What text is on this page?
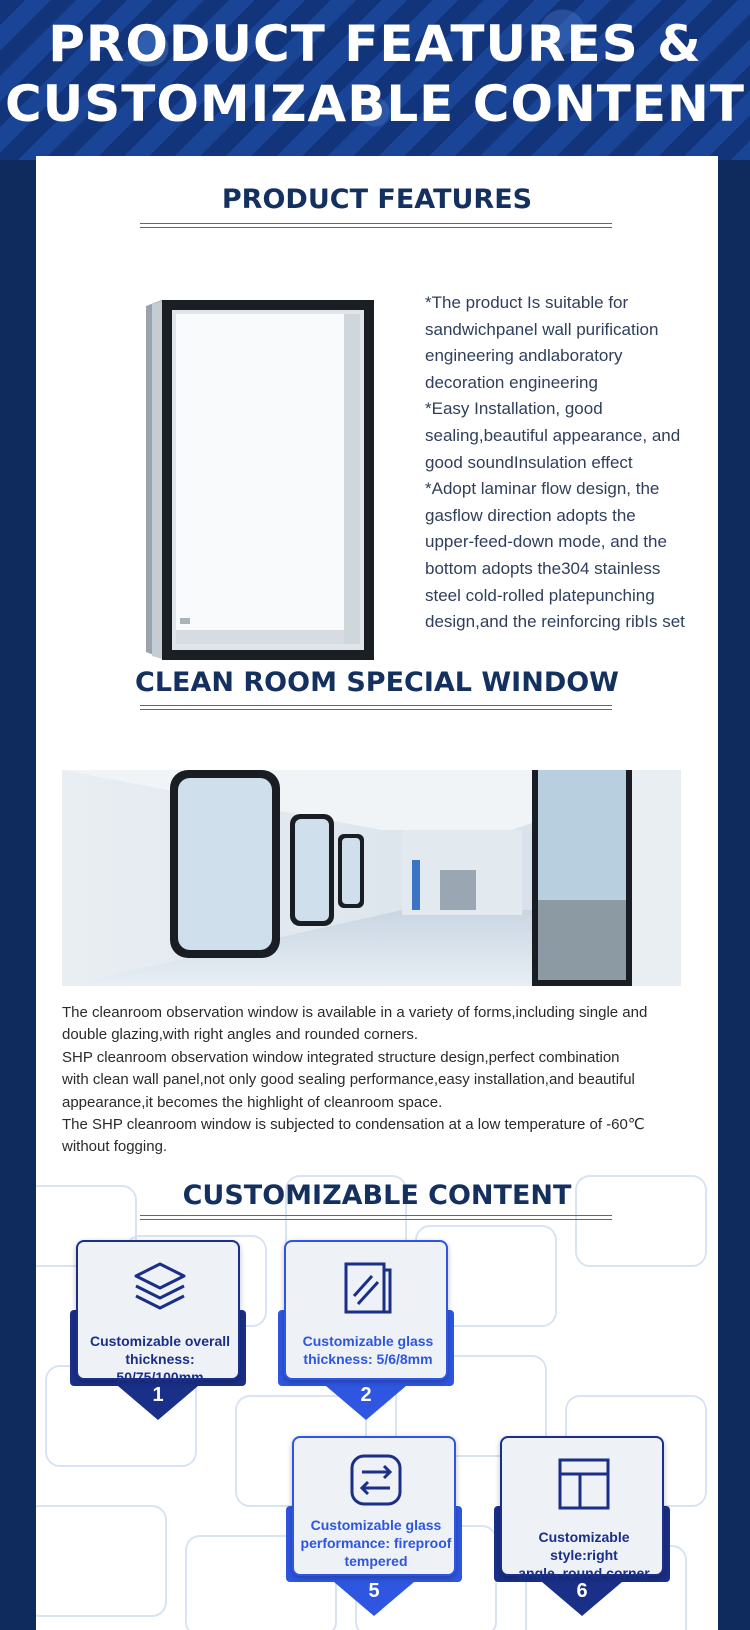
PRODUCT FEATURES &
CUSTOMIZABLE CONTENT
PRODUCT FEATURES

*The product Is suitable for

sandwichpanel wall purification

engineering andlaboratory

decoration engineering

*Easy Installation, good

sealing,beautiful appearance, and

good soundInsulation effect

*Adopt laminar flow design, the

gasflow direction adopts the

upper-feed-down mode, and the

bottom adopts the304 stainless

steel cold-rolled platepunching

design,and the reinforcing ribIs set

CLEAN ROOM SPECIAL WINDOW

The cleanroom observation window is available in a variety of forms,including single and

double glazing,with right angles and rounded corners.

SHP cleanroom observation window integrated structure design,perfect combination

with clean wall panel,not only good sealing performance,easy installation,and beautiful

appearance,it becomes the highlight of cleanroom space.

The SHP cleanroom window is subjected to condensation at a low temperature of -60℃

without fogging.

CUSTOMIZABLE CONTENT
Customizable overall
thickness: 50/75/100mm
1
Customizable glass
thickness: 5/6/8mm
2
Customizable glass
performance: fireproof
tempered
5
Customizable style:right
angle, round corner
6
